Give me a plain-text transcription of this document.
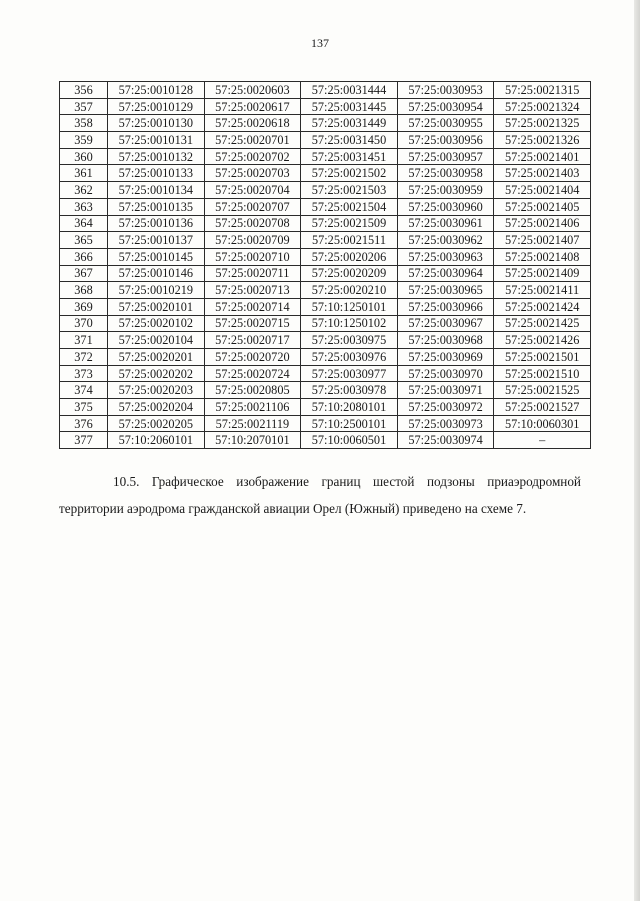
137
356	57:25:0010128	57:25:0020603	57:25:0031444	57:25:0030953	57:25:0021315
357	57:25:0010129	57:25:0020617	57:25:0031445	57:25:0030954	57:25:0021324
358	57:25:0010130	57:25:0020618	57:25:0031449	57:25:0030955	57:25:0021325
359	57:25:0010131	57:25:0020701	57:25:0031450	57:25:0030956	57:25:0021326
360	57:25:0010132	57:25:0020702	57:25:0031451	57:25:0030957	57:25:0021401
361	57:25:0010133	57:25:0020703	57:25:0021502	57:25:0030958	57:25:0021403
362	57:25:0010134	57:25:0020704	57:25:0021503	57:25:0030959	57:25:0021404
363	57:25:0010135	57:25:0020707	57:25:0021504	57:25:0030960	57:25:0021405
364	57:25:0010136	57:25:0020708	57:25:0021509	57:25:0030961	57:25:0021406
365	57:25:0010137	57:25:0020709	57:25:0021511	57:25:0030962	57:25:0021407
366	57:25:0010145	57:25:0020710	57:25:0020206	57:25:0030963	57:25:0021408
367	57:25:0010146	57:25:0020711	57:25:0020209	57:25:0030964	57:25:0021409
368	57:25:0010219	57:25:0020713	57:25:0020210	57:25:0030965	57:25:0021411
369	57:25:0020101	57:25:0020714	57:10:1250101	57:25:0030966	57:25:0021424
370	57:25:0020102	57:25:0020715	57:10:1250102	57:25:0030967	57:25:0021425
371	57:25:0020104	57:25:0020717	57:25:0030975	57:25:0030968	57:25:0021426
372	57:25:0020201	57:25:0020720	57:25:0030976	57:25:0030969	57:25:0021501
373	57:25:0020202	57:25:0020724	57:25:0030977	57:25:0030970	57:25:0021510
374	57:25:0020203	57:25:0020805	57:25:0030978	57:25:0030971	57:25:0021525
375	57:25:0020204	57:25:0021106	57:10:2080101	57:25:0030972	57:25:0021527
376	57:25:0020205	57:25:0021119	57:10:2500101	57:25:0030973	57:10:0060301
377	57:10:2060101	57:10:2070101	57:10:0060501	57:25:0030974	–

10.5. Графическое изображение границ шестой подзоны приаэродромной территории аэродрома гражданской авиации Орел (Южный) приведено на схеме 7.
